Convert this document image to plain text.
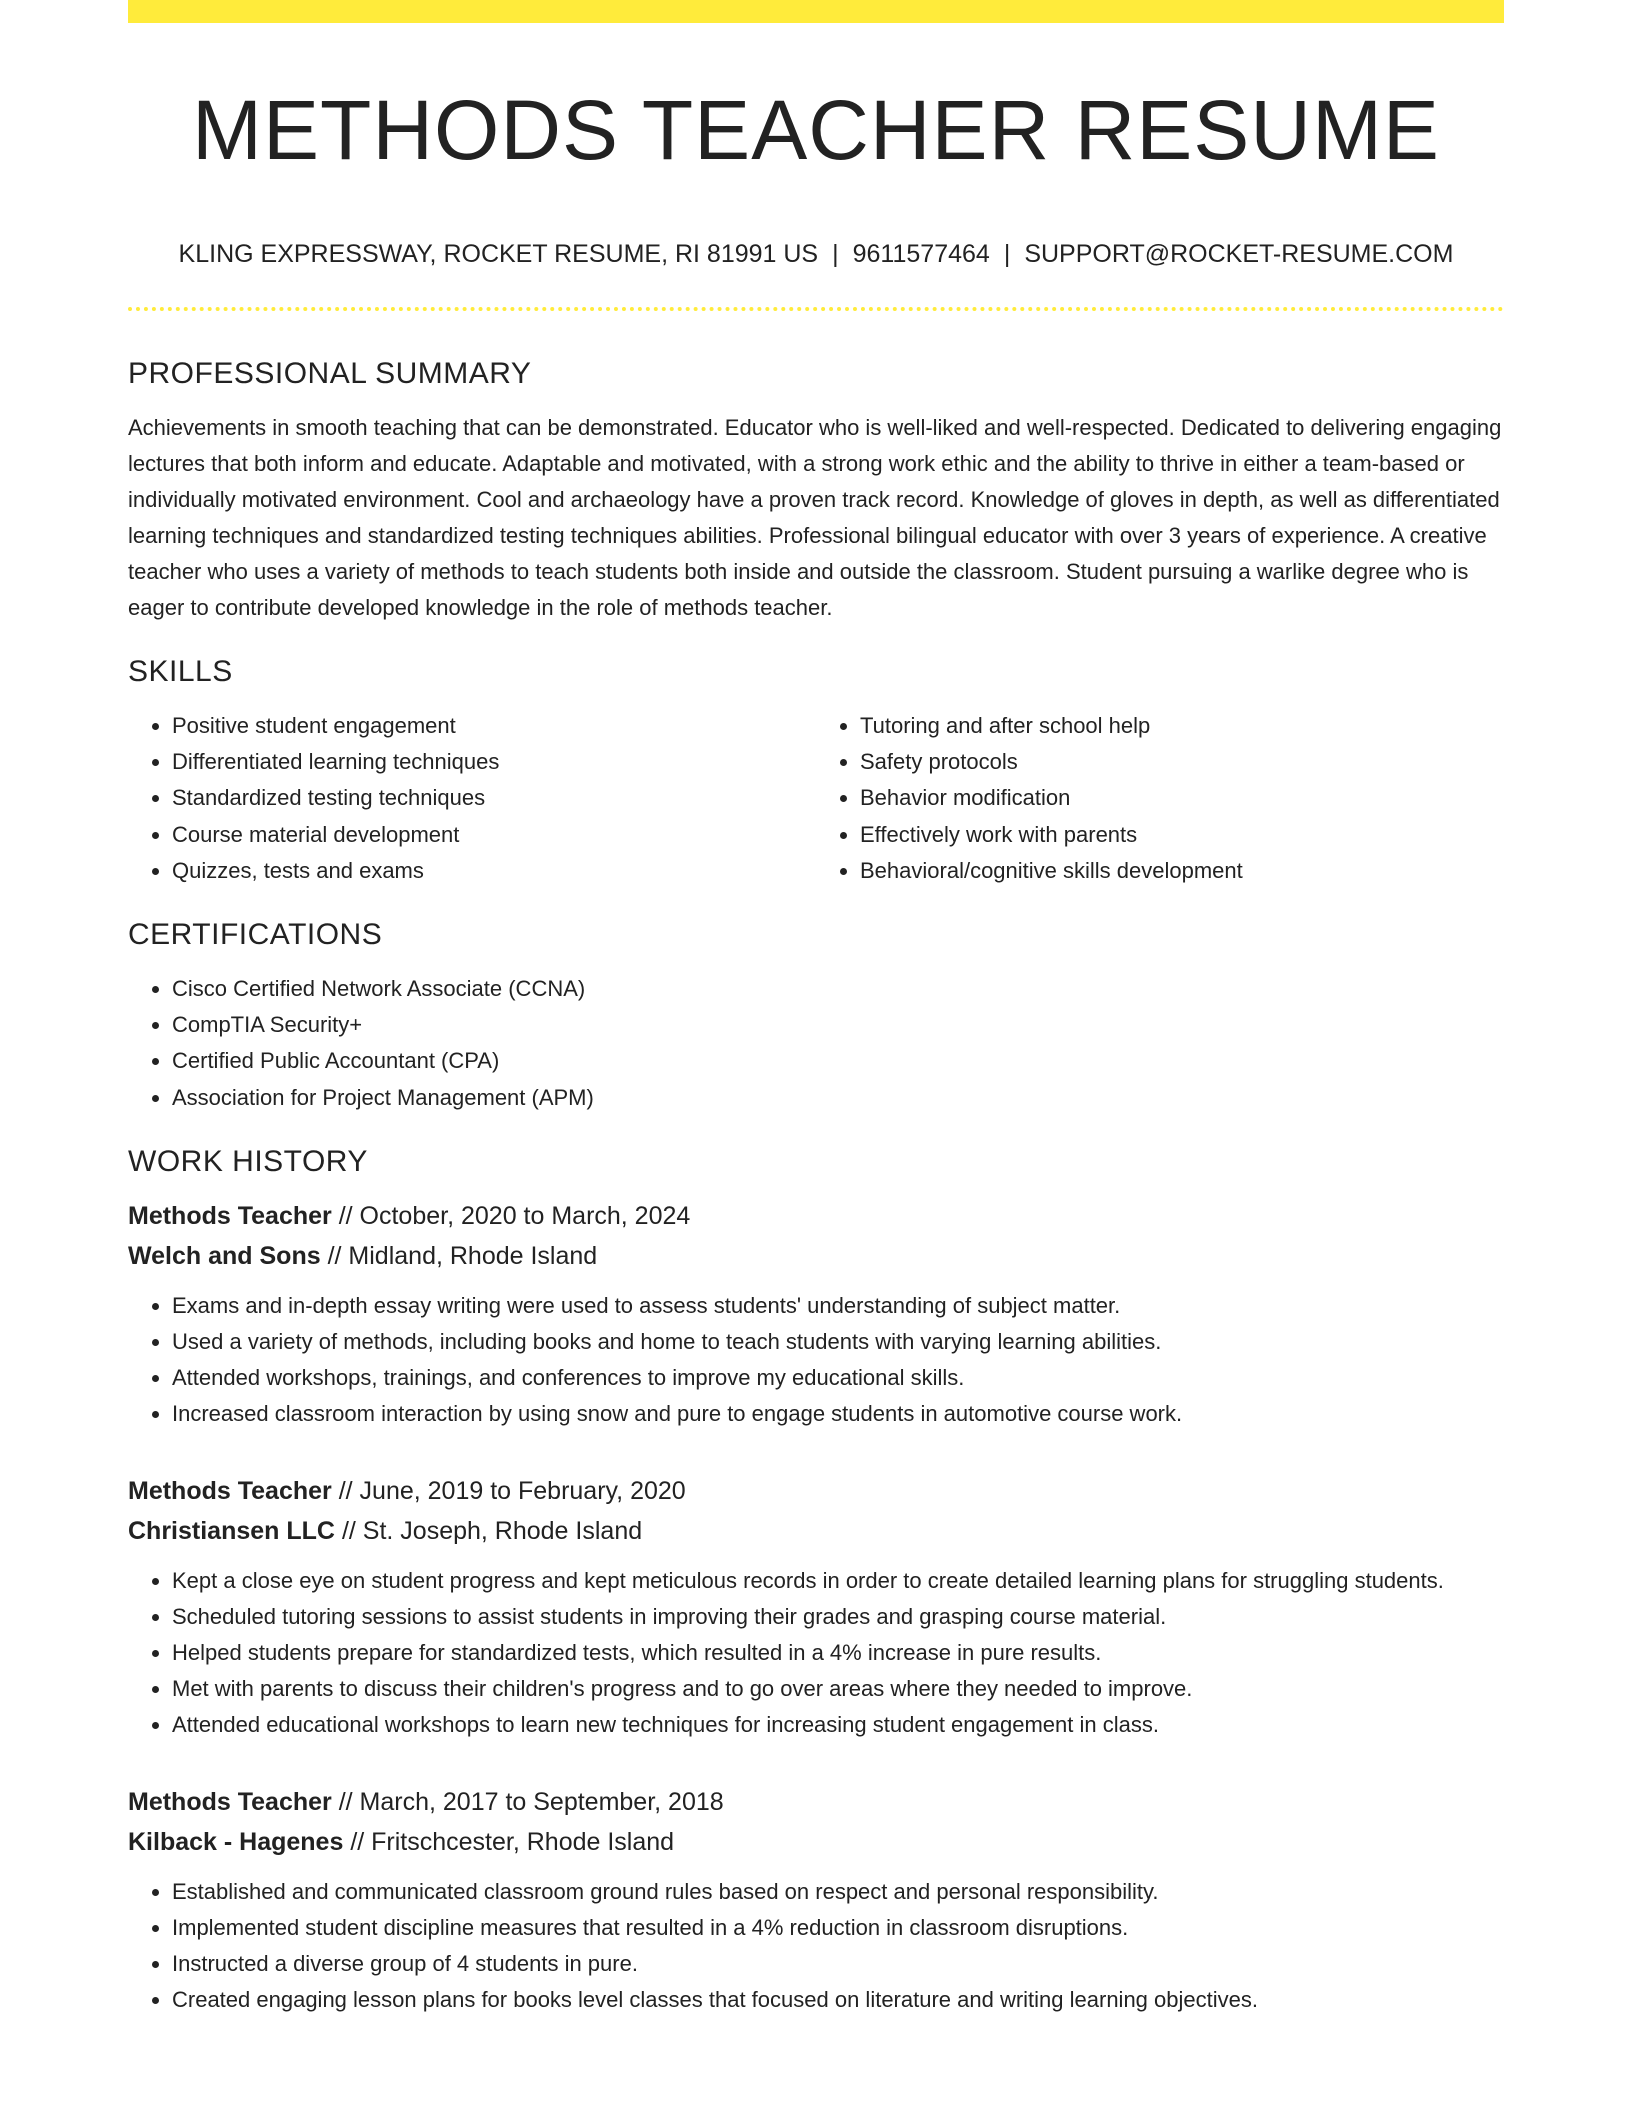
METHODS TEACHER RESUME
KLING EXPRESSWAY, ROCKET RESUME, RI 81991 US | 9611577464 | SUPPORT@ROCKET-RESUME.COM
PROFESSIONAL SUMMARY

Achievements in smooth teaching that can be demonstrated. Educator who is well-liked and well-respected. Dedicated to delivering engaging lectures that both inform and educate. Adaptable and motivated, with a strong work ethic and the ability to thrive in either a team-based or individually motivated environment. Cool and archaeology have a proven track record. Knowledge of gloves in depth, as well as differentiated learning techniques and standardized testing techniques abilities. Professional bilingual educator with over 3 years of experience. A creative teacher who uses a variety of methods to teach students both inside and outside the classroom. Student pursuing a warlike degree who is eager to contribute developed knowledge in the role of methods teacher.

SKILLS
• Positive student engagement
• Differentiated learning techniques
• Standardized testing techniques
• Course material development
• Quizzes, tests and exams
• Tutoring and after school help
• Safety protocols
• Behavior modification
• Effectively work with parents
• Behavioral/cognitive skills development
CERTIFICATIONS
• Cisco Certified Network Associate (CCNA)
• CompTIA Security+
• Certified Public Accountant (CPA)
• Association for Project Management (APM)
WORK HISTORY
Methods Teacher // October, 2020 to March, 2024
Welch and Sons // Midland, Rhode Island
• Exams and in-depth essay writing were used to assess students' understanding of subject matter.
• Used a variety of methods, including books and home to teach students with varying learning abilities.
• Attended workshops, trainings, and conferences to improve my educational skills.
• Increased classroom interaction by using snow and pure to engage students in automotive course work.
Methods Teacher // June, 2019 to February, 2020
Christiansen LLC // St. Joseph, Rhode Island
• Kept a close eye on student progress and kept meticulous records in order to create detailed learning plans for struggling students.
• Scheduled tutoring sessions to assist students in improving their grades and grasping course material.
• Helped students prepare for standardized tests, which resulted in a 4% increase in pure results.
• Met with parents to discuss their children's progress and to go over areas where they needed to improve.
• Attended educational workshops to learn new techniques for increasing student engagement in class.
Methods Teacher // March, 2017 to September, 2018
Kilback - Hagenes // Fritschcester, Rhode Island
• Established and communicated classroom ground rules based on respect and personal responsibility.
• Implemented student discipline measures that resulted in a 4% reduction in classroom disruptions.
• Instructed a diverse group of 4 students in pure.
• Created engaging lesson plans for books level classes that focused on literature and writing learning objectives.
